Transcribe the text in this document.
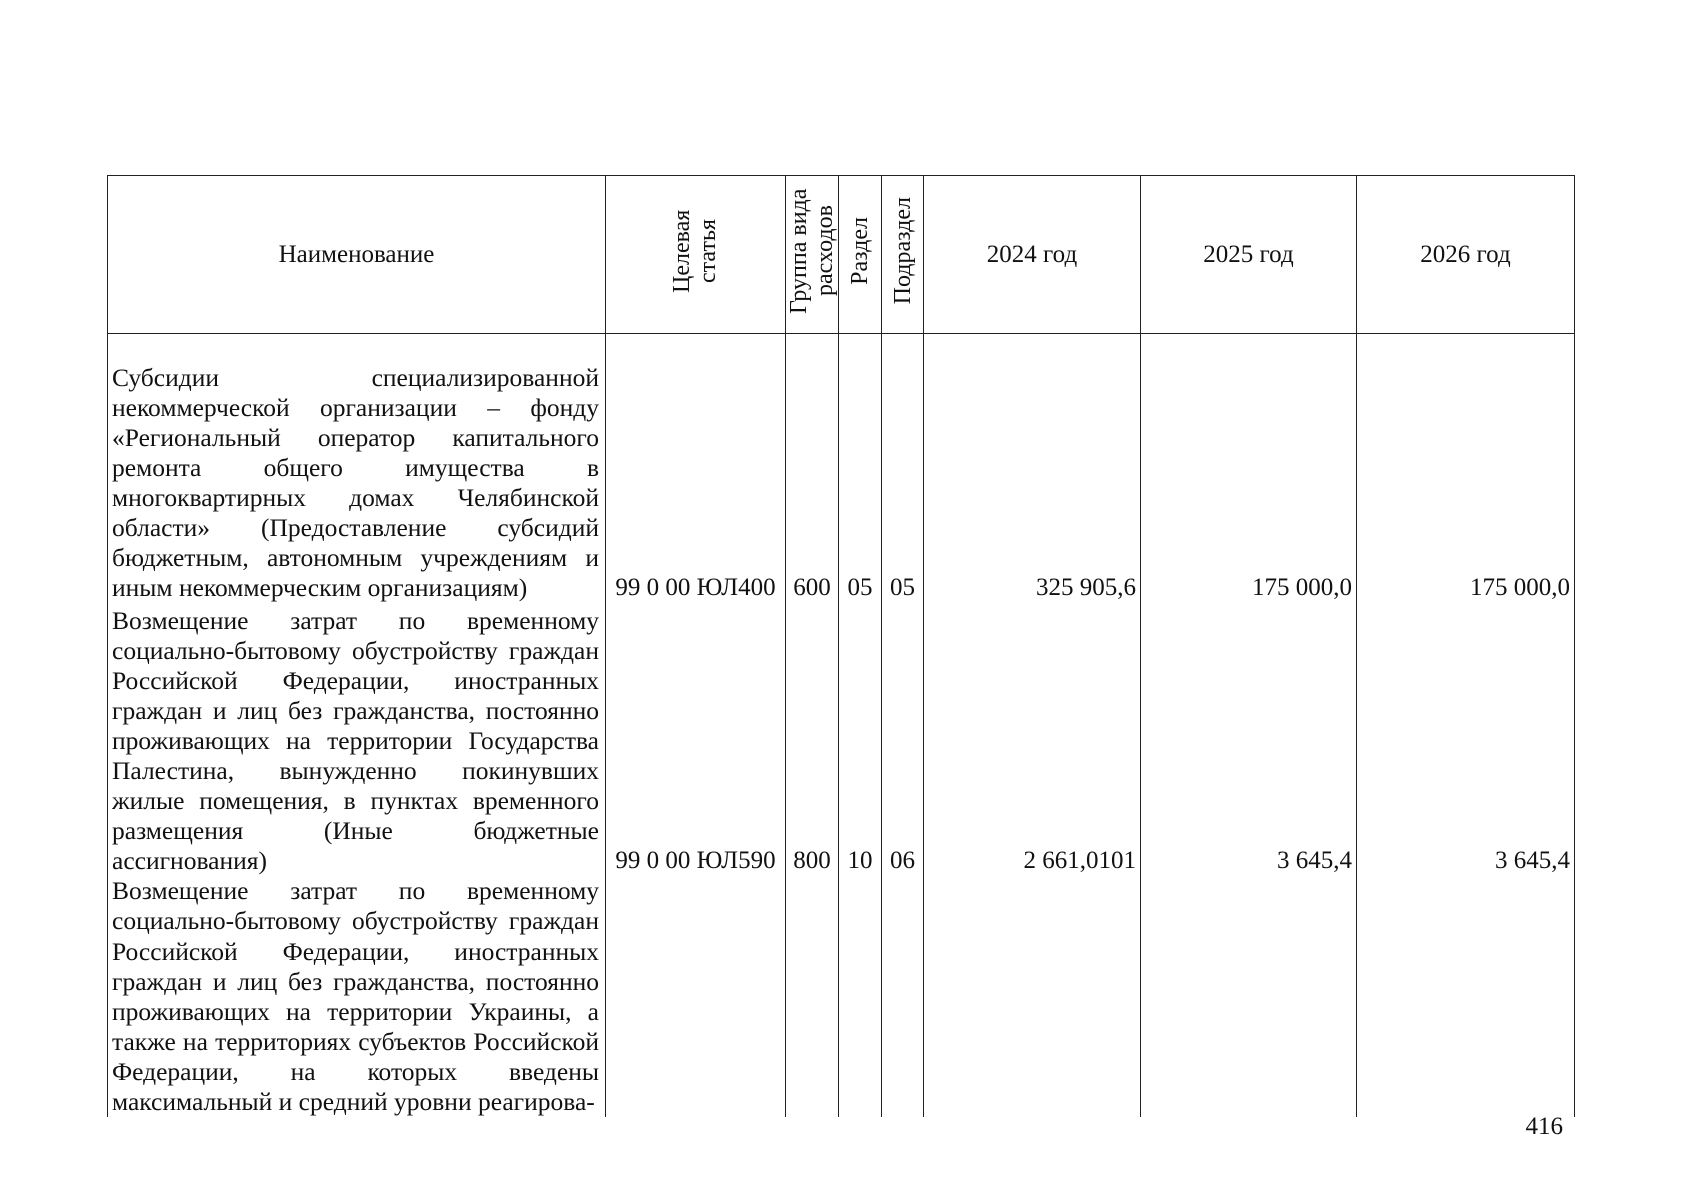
Наименование	Целевая статья	Группа вида расходов	Раздел	Подраздел	2024 год	2025 год	2026 год
Субсидии специализированной некоммерческой организации – фонду «Региональный оператор капитального ремонта общего имущества в многоквартирных домах Челябинской области» (Предоставление субсидий бюджетным, автономным учреждениям и иным некоммерческим организациям)	99 0 00 ЮЛ400	600	05	05	325 905,6	175 000,0	175 000,0
Возмещение затрат по временному социально-бытовому обустройству граждан Российской Федерации, иностранных граждан и лиц без гражданства, постоянно проживающих на территории Государства Палестина, вынужденно покинувших жилые помещения, в пунктах временного размещения (Иные бюджетные ассигнования)	99 0 00 ЮЛ590	800	10	06	2 661,0101	3 645,4	3 645,4
Возмещение затрат по временному социально-бытовому обустройству граждан Российской Федерации, иностранных граждан и лиц без гражданства, постоянно проживающих на территории Украины, а также на территориях субъектов Российской Федерации, на которых введены максимальный и средний уровни реагирова-							
416
